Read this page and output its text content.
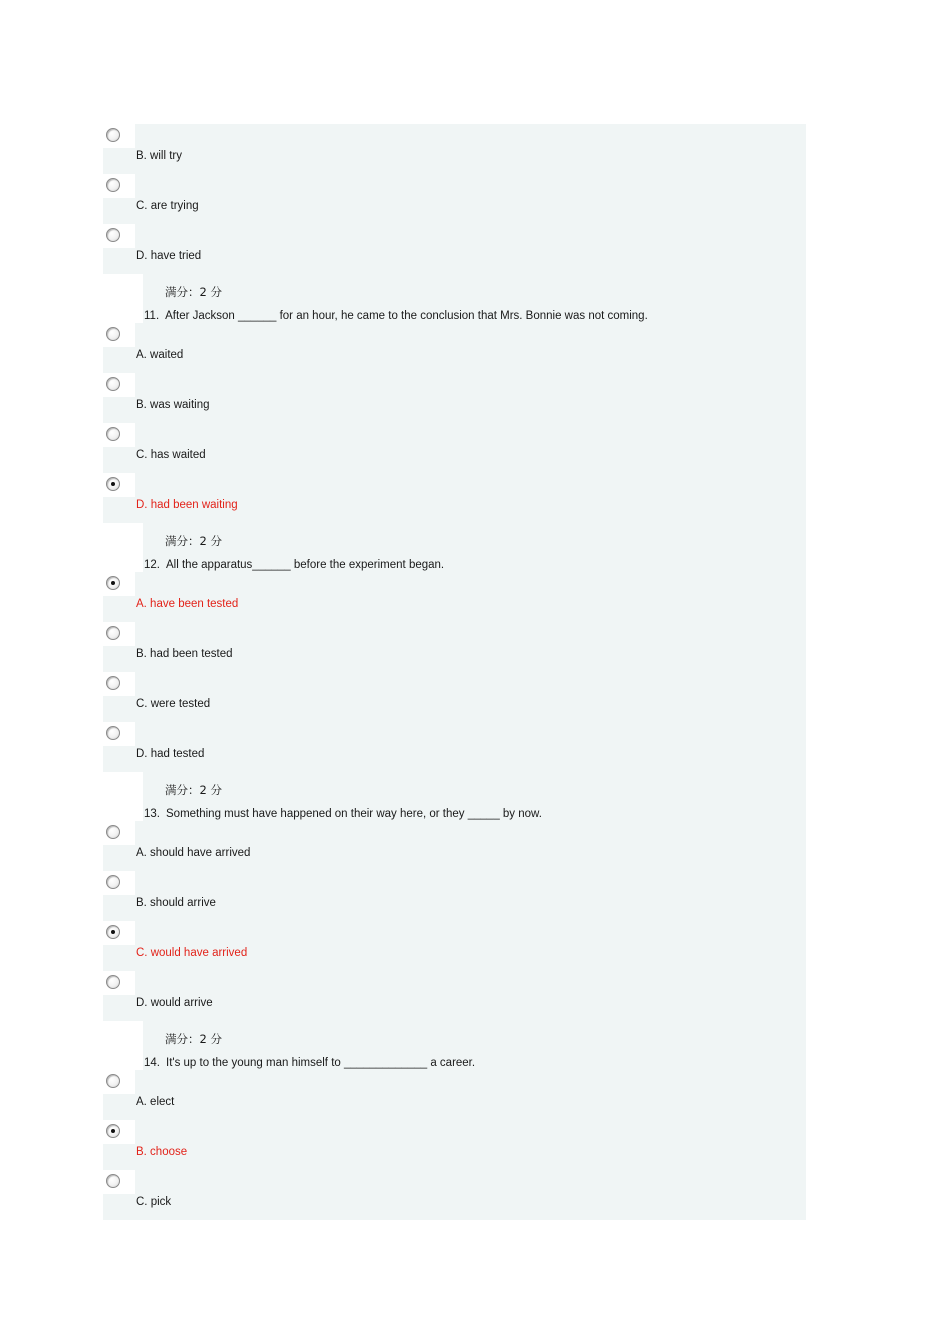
B. will try
C. are trying
D. have tried
满分：2 分
11. After Jackson ______ for an hour, he came to the conclusion that Mrs. Bonnie was not coming.
A. waited
B. was waiting
C. has waited
D. had been waiting
满分：2 分
12. All the apparatus______ before the experiment began.
A. have been tested
B. had been tested
C. were tested
D. had tested
满分：2 分
13. Something must have happened on their way here, or they _____ by now.
A. should have arrived
B. should arrive
C. would have arrived
D. would arrive
满分：2 分
14. It's up to the young man himself to _____________ a career.
A. elect
B. choose
C. pick
